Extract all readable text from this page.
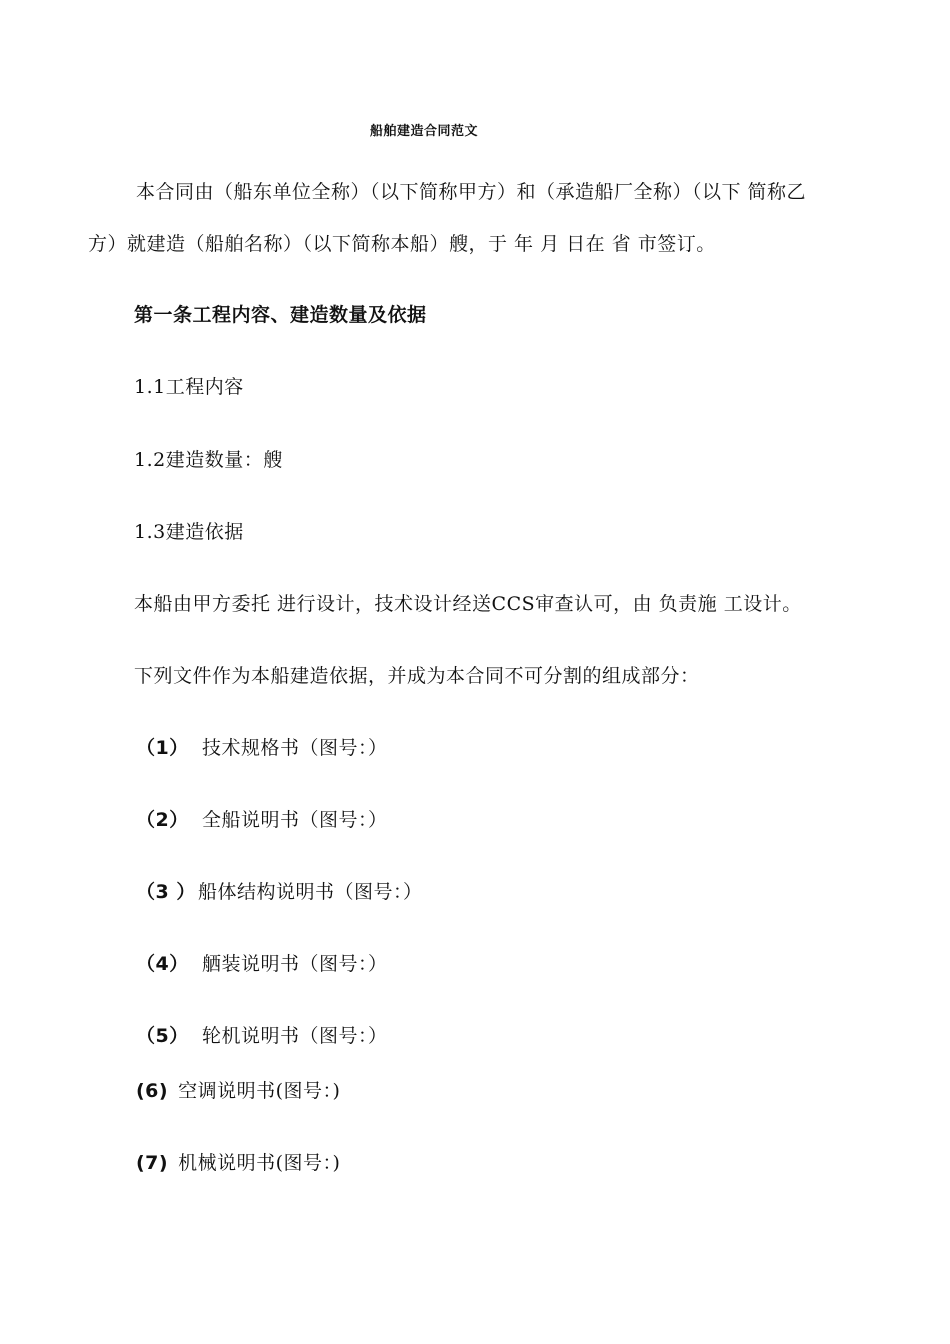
船舶建造合同范文
本合同由（船东单位全称）（以下简称甲方）和（承造船厂全称）（以下 简称乙
方）就建造（船舶名称）（以下简称本船）艘，于 年 月 日在 省 市签订。
第一条工程内容、建造数量及依据
1.1工程内容
1.2建造数量：艘
1.3建造依据
本船由甲方委托 进行设计，技术设计经送CCS审查认可，由 负责施 工设计。
下列文件作为本船建造依据，并成为本合同不可分割的组成部分：
（1） 技术规格书（图号：）
（2） 全船说明书（图号：）
（3 ） 船体结构说明书（图号：）
（4） 舾装说明书（图号：）
（5） 轮机说明书（图号：）
(6) 空调说明书(图号：)
(7) 机械说明书(图号：)
